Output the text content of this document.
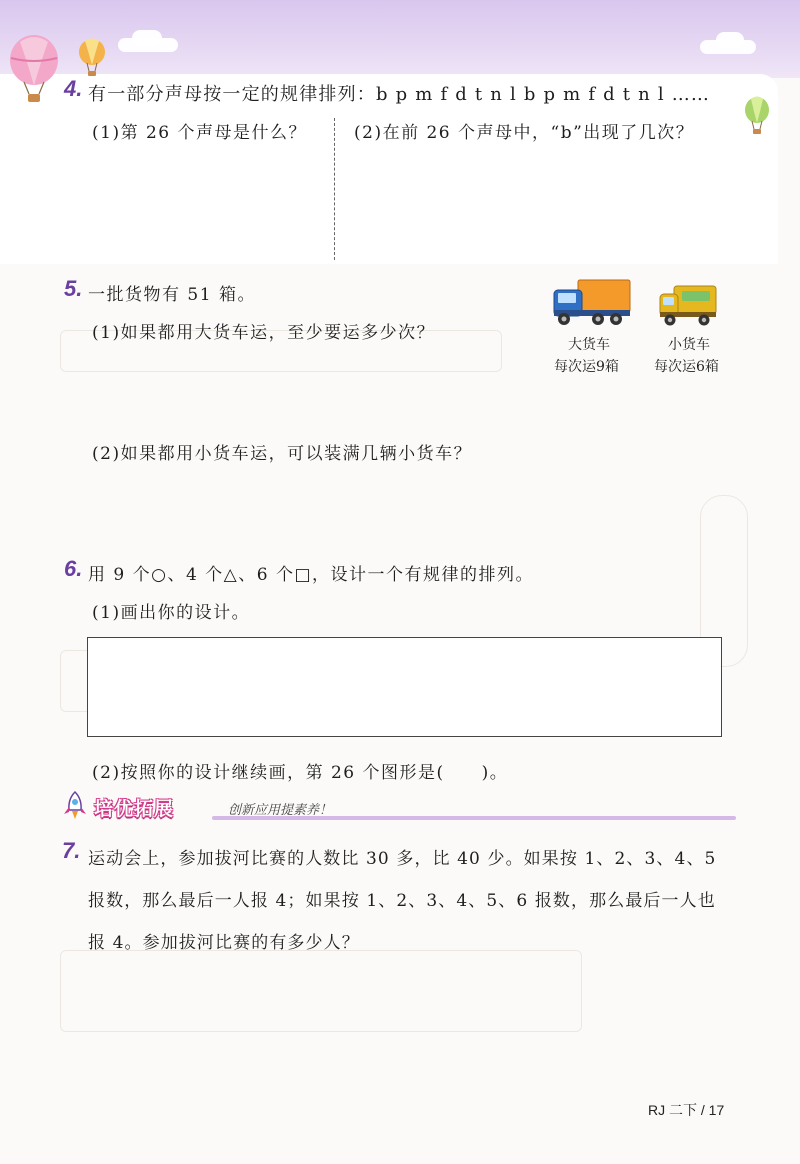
4. 有一部分声母按一定的规律排列：b p m f d t n l b p m f d t n l ……
(1)第 26 个声母是什么？	(2)在前 26 个声母中，“b”出现了几次？
5. 一批货物有 51 箱。
(1)如果都用大货车运，至少要运多少次？
(2)如果都用小货车运，可以装满几辆小货车？
大货车
每次运9箱
小货车
每次运6箱
6. 用 9 个○、4 个△、6 个□，设计一个有规律的排列。
(1)画出你的设计。
(2)按照你的设计继续画，第 26 个图形是(　　)。
培优拓展	创新应用提素养！
7. 运动会上，参加拔河比赛的人数比 30 多，比 40 少。如果按 1、2、3、4、5
报数，那么最后一人报 4；如果按 1、2、3、4、5、6 报数，那么最后一人也
报 4。参加拔河比赛的有多少人？
RJ 二下 / 17
